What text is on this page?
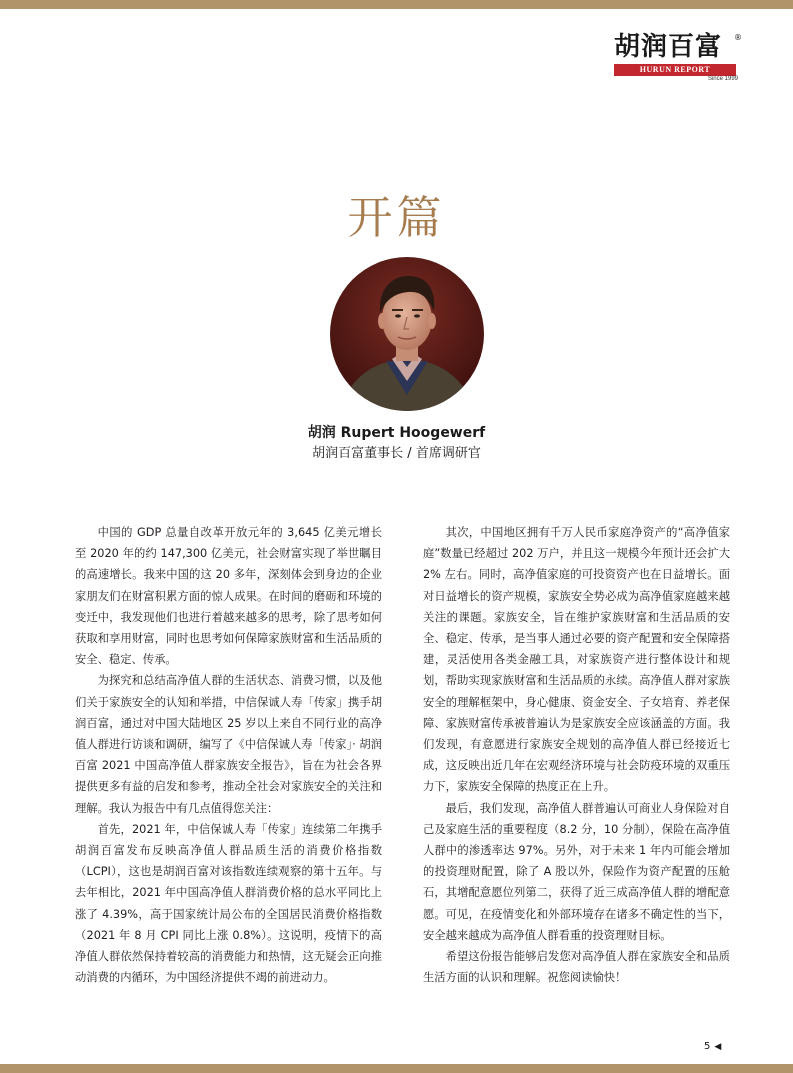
胡润百富 ®
HURUN REPORT
Since 1999
开篇
胡润 Rupert Hoogewerf
胡润百富董事长 / 首席调研官

中国的 GDP 总量自改革开放元年的 3,645 亿美元增长至 2020 年的约 147,300 亿美元，社会财富实现了举世瞩目的高速增长。我来中国的这 20 多年，深刻体会到身边的企业家朋友们在财富积累方面的惊人成果。在时间的磨砺和环境的变迁中，我发现他们也进行着越来越多的思考，除了思考如何获取和享用财富，同时也思考如何保障家族财富和生活品质的安全、稳定、传承。

为探究和总结高净值人群的生活状态、消费习惯，以及他们关于家族安全的认知和举措，中信保诚人寿「传家」携手胡润百富，通过对中国大陆地区 25 岁以上来自不同行业的高净值人群进行访谈和调研，编写了《中信保诚人寿「传家」· 胡润百富 2021 中国高净值人群家族安全报告》，旨在为社会各界提供更多有益的启发和参考，推动全社会对家族安全的关注和理解。我认为报告中有几点值得您关注：

首先，2021 年，中信保诚人寿「传家」连续第二年携手胡润百富发布反映高净值人群品质生活的消费价格指数（LCPI），这也是胡润百富对该指数连续观察的第十五年。与去年相比，2021 年中国高净值人群消费价格的总水平同比上涨了 4.39%，高于国家统计局公布的全国居民消费价格指数（2021 年 8 月 CPI 同比上涨 0.8%）。这说明，疫情下的高净值人群依然保持着较高的消费能力和热情，这无疑会正向推动消费的内循环，为中国经济提供不竭的前进动力。

其次，中国地区拥有千万人民币家庭净资产的“高净值家庭”数量已经超过 202 万户，并且这一规模今年预计还会扩大 2% 左右。同时，高净值家庭的可投资资产也在日益增长。面对日益增长的资产规模，家族安全势必成为高净值家庭越来越关注的课题。家族安全，旨在维护家族财富和生活品质的安全、稳定、传承，是当事人通过必要的资产配置和安全保障搭建，灵活使用各类金融工具，对家族资产进行整体设计和规划，帮助实现家族财富和生活品质的永续。高净值人群对家族安全的理解框架中，身心健康、资金安全、子女培育、养老保障、家族财富传承被普遍认为是家族安全应该涵盖的方面。我们发现，有意愿进行家族安全规划的高净值人群已经接近七成，这反映出近几年在宏观经济环境与社会防疫环境的双重压力下，家族安全保障的热度正在上升。

最后，我们发现，高净值人群普遍认可商业人身保险对自己及家庭生活的重要程度（8.2 分，10 分制），保险在高净值人群中的渗透率达 97%。另外，对于未来 1 年内可能会增加的投资理财配置，除了 A 股以外，保险作为资产配置的压舱石，其增配意愿位列第二，获得了近三成高净值人群的增配意愿。可见，在疫情变化和外部环境存在诸多不确定性的当下，安全越来越成为高净值人群看重的投资理财目标。

希望这份报告能够启发您对高净值人群在家族安全和品质生活方面的认识和理解。祝您阅读愉快！

5 ◀
